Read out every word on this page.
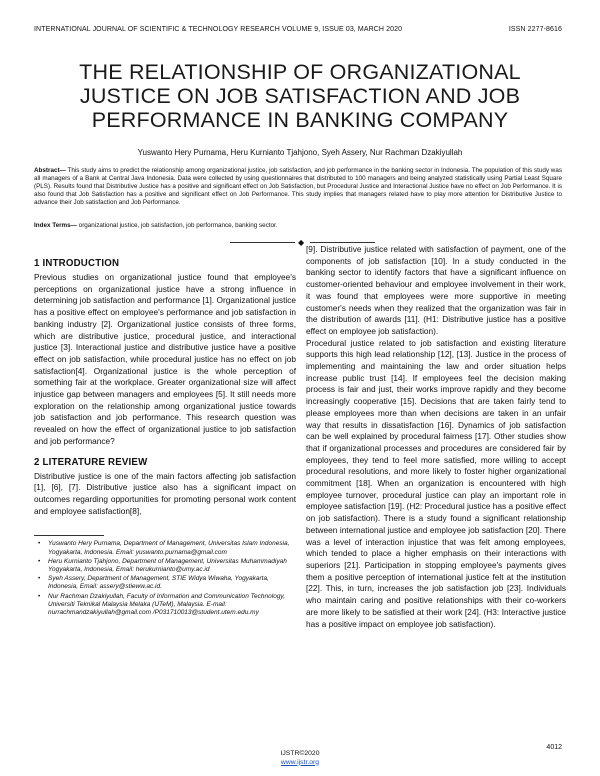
INTERNATIONAL JOURNAL OF SCIENTIFIC & TECHNOLOGY RESEARCH VOLUME 9, ISSUE 03, MARCH 2020	ISSN 2277-8616
THE RELATIONSHIP OF ORGANIZATIONAL
JUSTICE ON JOB SATISFACTION AND JOB
PERFORMANCE IN BANKING COMPANY
Yuswanto Hery Purnama, Heru Kurnianto Tjahjono, Syeh Assery, Nur Rachman Dzakiyullah
Abstract— This study aims to predict the relationship among organizational justice, job satisfaction, and job performance in the banking sector in Indonesia. The population of this study was all managers of a Bank at Central Java Indonesia. Data were collected by using questionnaires that distributed to 100 managers and being analyzed statistically using Partial Least Square (PLS). Results found that Distributive Justice has a positive and significant effect on Job Satisfaction, but Procedural Justice and Interactional Justice have no effect on Job Performance. It is also found that Job Satisfaction has a positive and significant effect on Job Performance. This study implies that managers related have to play more attention for Distributive Justice to advance their Job satisfaction and Job Performance.
Index Terms— organizational justice, job satisfaction, job performance, banking sector.
◆
1 INTRODUCTION

Previous studies on organizational justice found that employee's perceptions on organizational justice have a strong influence in determining job satisfaction and performance [1]. Organizational justice has a positive effect on employee's performance and job satisfaction in banking industry [2]. Organizational justice consists of three forms, which are distributive justice, procedural justice, and interactional justice [3]. Interactional justice and distributive justice have a positive effect on job satisfaction, while procedural justice has no effect on job satisfaction[4]. Organizational justice is the whole perception of something fair at the workplace. Greater organizational size will affect injustice gap between managers and employees [5]. It still needs more exploration on the relationship among organizational justice towards job satisfaction and job performance. This research question was revealed on how the effect of organizational justice to job satisfaction and job performance?

2 LITERATURE REVIEW

Distributive justice is one of the main factors affecting job satisfaction [1], [6], [7]. Distributive justice also has a significant impact on outcomes regarding opportunities for promoting personal work content and employee satisfaction[8],

• Yuswanto Hery Purnama, Department of Management, Universitas Islam Indonesia, Yogyakarta, Indonesia. Email: yuswanto.purnama@gmail.com
• Heru Kurnianto Tjahjono, Department of Management, Universitas Muhammadiyah Yogyakarta, Indonesia, Email: herukurnianto@umy.ac.id
• Syeh Assery, Department of Management, STIE Widya Wiwaha, Yogyakarta, Indonesia, Email: assery@stieww.ac.id.
• Nur Rachman Dzakiyullah, Faculty of Information and Communication Technology, Universiti Teknikal Malaysia Melaka (UTeM), Malaysia. E-mail: nurrachmandzakiyullah@gmail.com /P031710013@student.utem.edu.my

[9]. Distributive justice related with satisfaction of payment, one of the components of job satisfaction [10]. In a study conducted in the banking sector to identify factors that have a significant influence on customer-oriented behaviour and employee involvement in their work, it was found that employees were more supportive in meeting customer's needs when they realized that the organization was fair in the distribution of awards [11]. (H1: Distributive justice has a positive effect on employee job satisfaction).

Procedural justice related to job satisfaction and existing literature supports this high lead relationship [12], [13]. Justice in the process of implementing and maintaining the law and order situation helps increase public trust [14]. If employees feel the decision making process is fair and just, their works improve rapidly and they become increasingly cooperative [15]. Decisions that are taken fairly tend to please employees more than when decisions are taken in an unfair way that results in dissatisfaction [16]. Dynamics of job satisfaction can be well explained by procedural fairness [17]. Other studies show that if organizational processes and procedures are considered fair by employees, they tend to feel more satisfied, more willing to accept procedural resolutions, and more likely to foster higher organizational commitment [18]. When an organization is encountered with high employee turnover, procedural justice can play an important role in employee satisfaction [19]. (H2: Procedural justice has a positive effect on job satisfaction). There is a study found a significant relationship between international justice and employee job satisfaction [20]. There was a level of interaction injustice that was felt among employees, which tended to place a higher emphasis on their interactions with superiors [21]. Participation in stopping employee's payments gives them a positive perception of international justice felt at the institution [22]. This, in turn, increases the job satisfaction job [23]. Individuals who maintain caring and positive relationships with their co-workers are more likely to be satisfied at their work [24]. (H3: Interactive justice has a positive impact on employee job satisfaction).

4012
IJSTR©2020
www.ijstr.org
